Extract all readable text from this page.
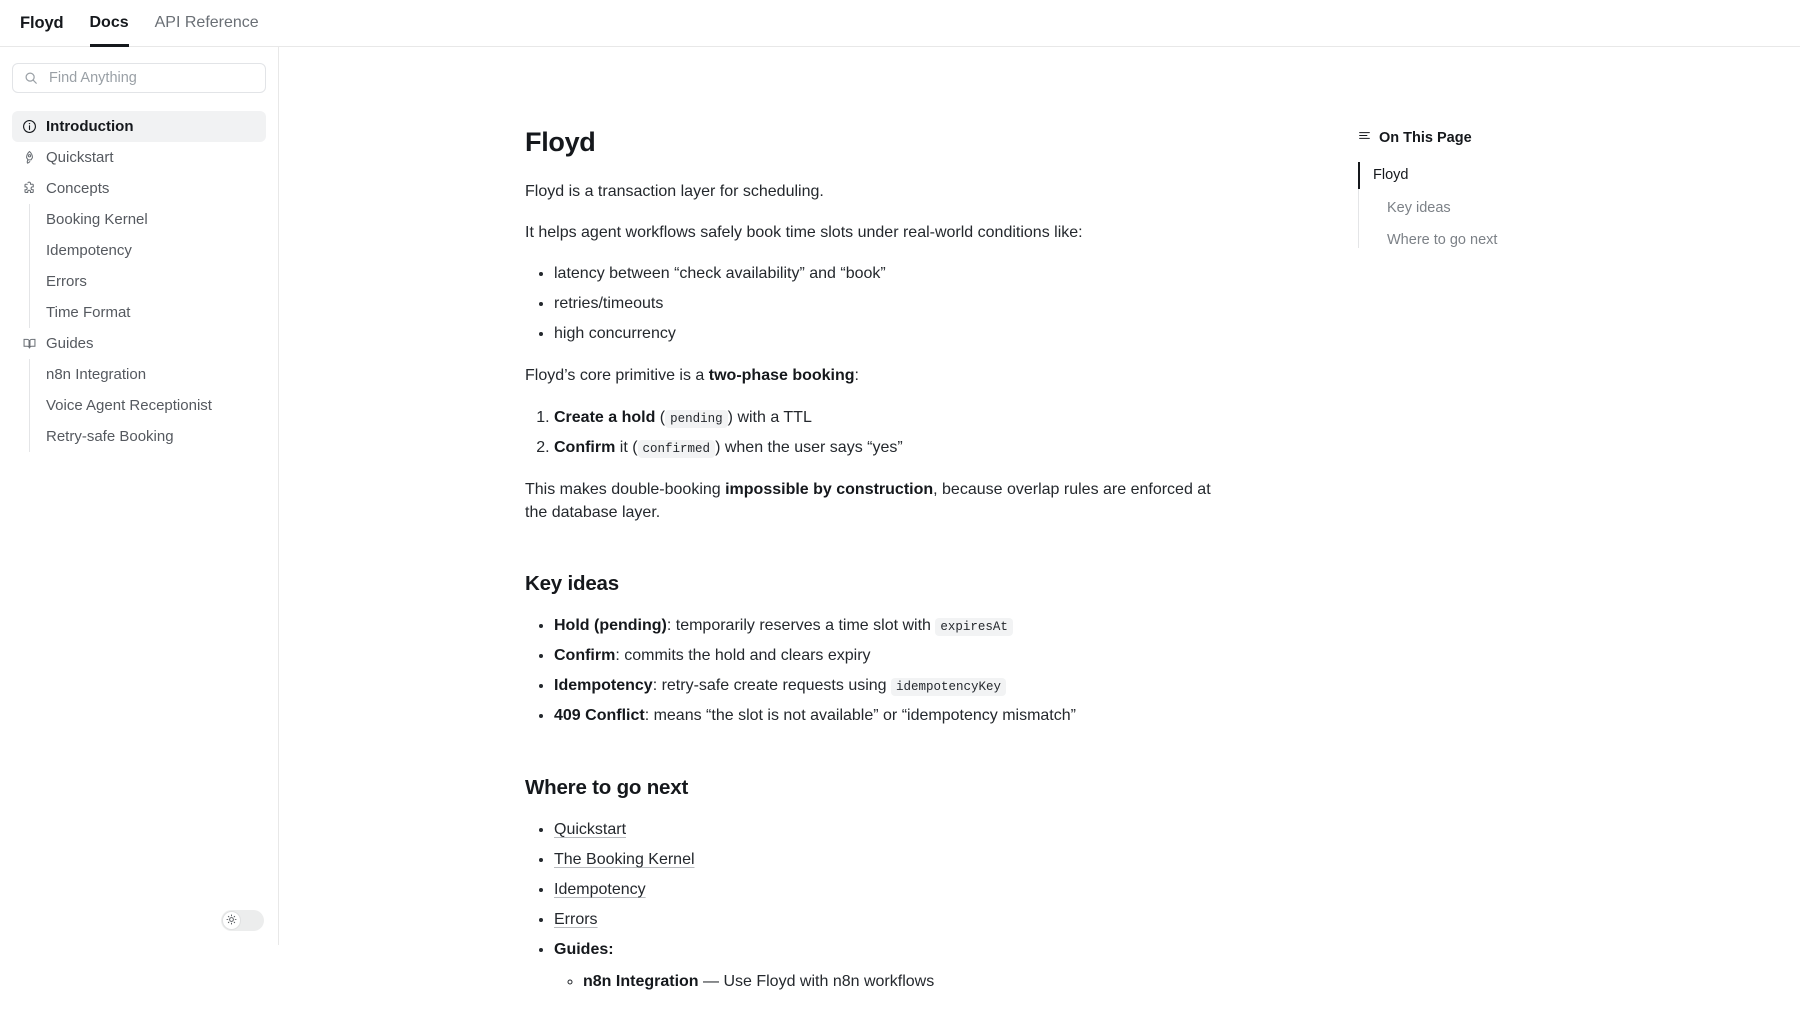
Floyd Docs API Reference
Find Anything
Introduction
Quickstart
Concepts
Booking Kernel
Idempotency
Errors
Time Format
Guides
n8n Integration
Voice Agent Receptionist
Retry-safe Booking
Floyd

Floyd is a transaction layer for scheduling.

It helps agent workflows safely book time slots under real-world conditions like:

• latency between “check availability” and “book”
• retries/timeouts
• high concurrency

Floyd’s core primitive is a two-phase booking:

1. Create a hold ( pending ) with a TTL
2. Confirm it ( confirmed ) when the user says “yes”

This makes double-booking impossible by construction, because overlap rules are enforced at the database layer.

Key ideas
• Hold (pending): temporarily reserves a time slot with expiresAt
• Confirm: commits the hold and clears expiry
• Idempotency: retry-safe create requests using idempotencyKey
• 409 Conflict: means “the slot is not available” or “idempotency mismatch”
Where to go next
• Quickstart
• The Booking Kernel
• Idempotency
• Errors
• Guides:
◦ n8n Integration — Use Floyd with n8n workflows
On This Page
Floyd
Key ideas
Where to go next
